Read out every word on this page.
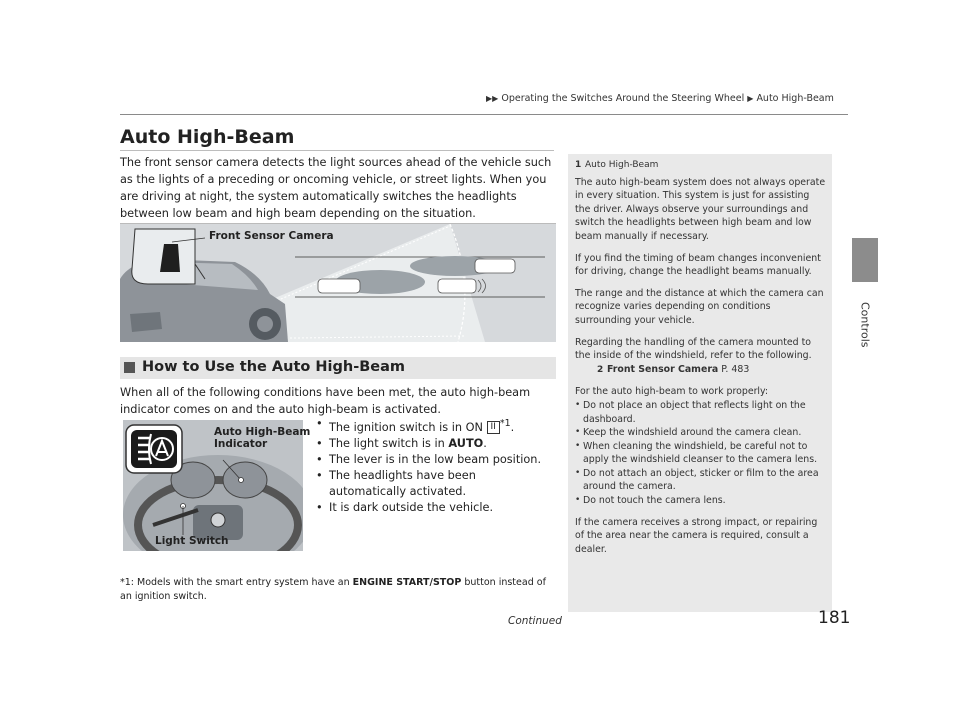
▶▶ Operating the Switches Around the Steering Wheel ▶ Auto High-Beam
Controls
Auto High-Beam
The front sensor camera detects the light sources ahead of the vehicle such as the lights of a preceding or oncoming vehicle, or street lights. When you are driving at night, the system automatically switches the headlights between low beam and high beam depending on the situation.
Front Sensor Camera
How to Use the Auto High-Beam
When all of the following conditions have been met, the auto high-beam indicator comes on and the auto high-beam is activated.
Auto High-Beam
Indicator
Light Switch
• The ignition switch is in ON II $^{*1}$.
• The light switch is in AUTO.
• The lever is in the low beam position.
• The headlights have been automatically activated.
• It is dark outside the vehicle.
*1: Models with the smart entry system have an ENGINE START/STOP button instead of an ignition switch.

1 Auto High-Beam

The auto high-beam system does not always operate in every situation. This system is just for assisting the driver. Always observe your surroundings and switch the headlights between high beam and low beam manually if necessary.

If you find the timing of beam changes inconvenient for driving, change the headlight beams manually.

The range and the distance at which the camera can recognize varies depending on conditions surrounding your vehicle.

Regarding the handling of the camera mounted to the inside of the windshield, refer to the following.

2 Front Sensor Camera P. 483

For the auto high-beam to work properly:

• Do not place an object that reflects light on the dashboard.
• Keep the windshield around the camera clean.
• When cleaning the windshield, be careful not to apply the windshield cleanser to the camera lens.
• Do not attach an object, sticker or film to the area around the camera.
• Do not touch the camera lens.

If the camera receives a strong impact, or repairing of the area near the camera is required, consult a dealer.

Continued	181
